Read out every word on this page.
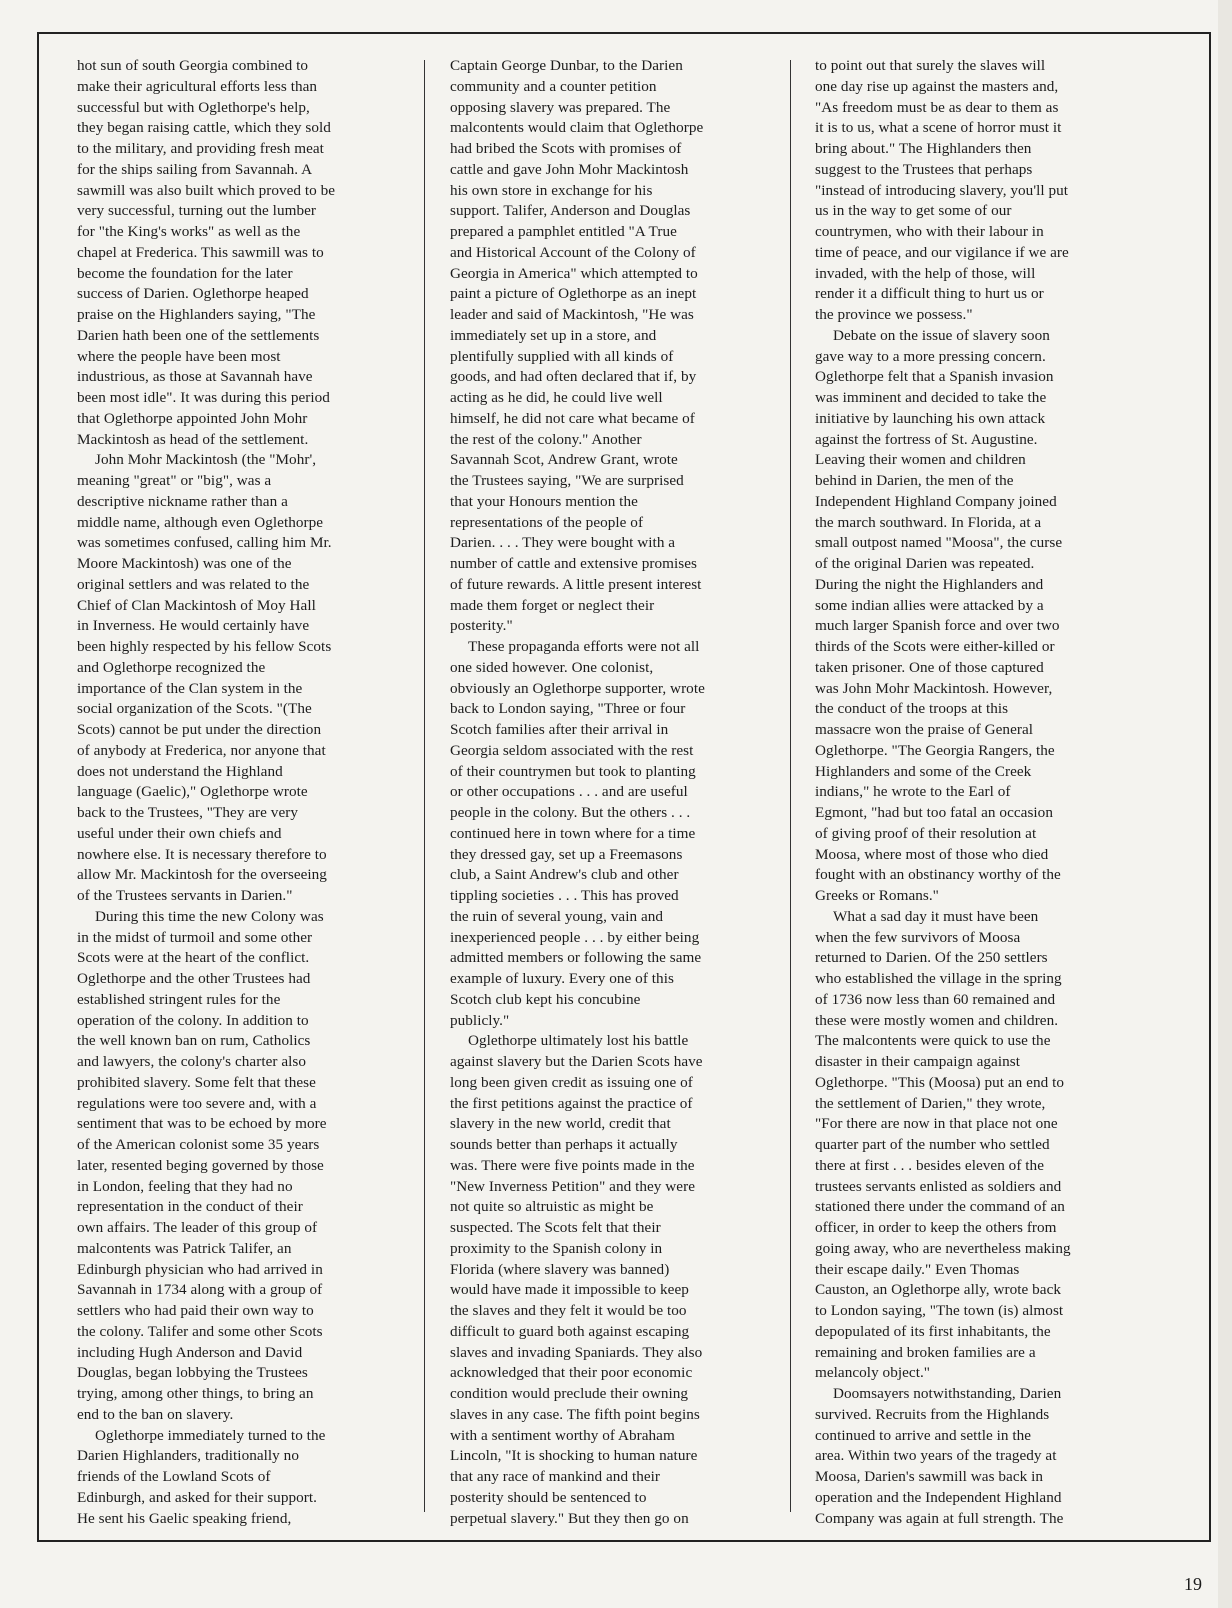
hot sun of south Georgia combined to
make their agricultural efforts less than
successful but with Oglethorpe's help,
they began raising cattle, which they sold
to the military, and providing fresh meat
for the ships sailing from Savannah. A
sawmill was also built which proved to be
very successful, turning out the lumber
for "the King's works" as well as the
chapel at Frederica. This sawmill was to
become the foundation for the later
success of Darien. Oglethorpe heaped
praise on the Highlanders saying, "The
Darien hath been one of the settlements
where the people have been most
industrious, as those at Savannah have
been most idle". It was during this period
that Oglethorpe appointed John Mohr
Mackintosh as head of the settlement.

John Mohr Mackintosh (the "Mohr',
meaning "great" or "big", was a
descriptive nickname rather than a
middle name, although even Oglethorpe
was sometimes confused, calling him Mr.
Moore Mackintosh) was one of the
original settlers and was related to the
Chief of Clan Mackintosh of Moy Hall
in Inverness. He would certainly have
been highly respected by his fellow Scots
and Oglethorpe recognized the
importance of the Clan system in the
social organization of the Scots. "(The
Scots) cannot be put under the direction
of anybody at Frederica, nor anyone that
does not understand the Highland
language (Gaelic)," Oglethorpe wrote
back to the Trustees, "They are very
useful under their own chiefs and
nowhere else. It is necessary therefore to
allow Mr. Mackintosh for the overseeing
of the Trustees servants in Darien."

During this time the new Colony was
in the midst of turmoil and some other
Scots were at the heart of the conflict.
Oglethorpe and the other Trustees had
established stringent rules for the
operation of the colony. In addition to
the well known ban on rum, Catholics
and lawyers, the colony's charter also
prohibited slavery. Some felt that these
regulations were too severe and, with a
sentiment that was to be echoed by more
of the American colonist some 35 years
later, resented beging governed by those
in London, feeling that they had no
representation in the conduct of their
own affairs. The leader of this group of
malcontents was Patrick Talifer, an
Edinburgh physician who had arrived in
Savannah in 1734 along with a group of
settlers who had paid their own way to
the colony. Talifer and some other Scots
including Hugh Anderson and David
Douglas, began lobbying the Trustees
trying, among other things, to bring an
end to the ban on slavery.

Oglethorpe immediately turned to the
Darien Highlanders, traditionally no
friends of the Lowland Scots of
Edinburgh, and asked for their support.
He sent his Gaelic speaking friend,

Captain George Dunbar, to the Darien
community and a counter petition
opposing slavery was prepared. The
malcontents would claim that Oglethorpe
had bribed the Scots with promises of
cattle and gave John Mohr Mackintosh
his own store in exchange for his
support. Talifer, Anderson and Douglas
prepared a pamphlet entitled "A True
and Historical Account of the Colony of
Georgia in America" which attempted to
paint a picture of Oglethorpe as an inept
leader and said of Mackintosh, "He was
immediately set up in a store, and
plentifully supplied with all kinds of
goods, and had often declared that if, by
acting as he did, he could live well
himself, he did not care what became of
the rest of the colony." Another
Savannah Scot, Andrew Grant, wrote
the Trustees saying, "We are surprised
that your Honours mention the
representations of the people of
Darien. . . . They were bought with a
number of cattle and extensive promises
of future rewards. A little present interest
made them forget or neglect their
posterity."

These propaganda efforts were not all
one sided however. One colonist,
obviously an Oglethorpe supporter, wrote
back to London saying, "Three or four
Scotch families after their arrival in
Georgia seldom associated with the rest
of their countrymen but took to planting
or other occupations . . . and are useful
people in the colony. But the others . . .
continued here in town where for a time
they dressed gay, set up a Freemasons
club, a Saint Andrew's club and other
tippling societies . . . This has proved
the ruin of several young, vain and
inexperienced people . . . by either being
admitted members or following the same
example of luxury. Every one of this
Scotch club kept his concubine
publicly."

Oglethorpe ultimately lost his battle
against slavery but the Darien Scots have
long been given credit as issuing one of
the first petitions against the practice of
slavery in the new world, credit that
sounds better than perhaps it actually
was. There were five points made in the
"New Inverness Petition" and they were
not quite so altruistic as might be
suspected. The Scots felt that their
proximity to the Spanish colony in
Florida (where slavery was banned)
would have made it impossible to keep
the slaves and they felt it would be too
difficult to guard both against escaping
slaves and invading Spaniards. They also
acknowledged that their poor economic
condition would preclude their owning
slaves in any case. The fifth point begins
with a sentiment worthy of Abraham
Lincoln, "It is shocking to human nature
that any race of mankind and their
posterity should be sentenced to
perpetual slavery." But they then go on

to point out that surely the slaves will
one day rise up against the masters and,
"As freedom must be as dear to them as
it is to us, what a scene of horror must it
bring about." The Highlanders then
suggest to the Trustees that perhaps
"instead of introducing slavery, you'll put
us in the way to get some of our
countrymen, who with their labour in
time of peace, and our vigilance if we are
invaded, with the help of those, will
render it a difficult thing to hurt us or
the province we possess."

Debate on the issue of slavery soon
gave way to a more pressing concern.
Oglethorpe felt that a Spanish invasion
was imminent and decided to take the
initiative by launching his own attack
against the fortress of St. Augustine.
Leaving their women and children
behind in Darien, the men of the
Independent Highland Company joined
the march southward. In Florida, at a
small outpost named "Moosa", the curse
of the original Darien was repeated.
During the night the Highlanders and
some indian allies were attacked by a
much larger Spanish force and over two
thirds of the Scots were either-killed or
taken prisoner. One of those captured
was John Mohr Mackintosh. However,
the conduct of the troops at this
massacre won the praise of General
Oglethorpe. "The Georgia Rangers, the
Highlanders and some of the Creek
indians," he wrote to the Earl of
Egmont, "had but too fatal an occasion
of giving proof of their resolution at
Moosa, where most of those who died
fought with an obstinancy worthy of the
Greeks or Romans."

What a sad day it must have been
when the few survivors of Moosa
returned to Darien. Of the 250 settlers
who established the village in the spring
of 1736 now less than 60 remained and
these were mostly women and children.
The malcontents were quick to use the
disaster in their campaign against
Oglethorpe. "This (Moosa) put an end to
the settlement of Darien," they wrote,
"For there are now in that place not one
quarter part of the number who settled
there at first . . . besides eleven of the
trustees servants enlisted as soldiers and
stationed there under the command of an
officer, in order to keep the others from
going away, who are nevertheless making
their escape daily." Even Thomas
Causton, an Oglethorpe ally, wrote back
to London saying, "The town (is) almost
depopulated of its first inhabitants, the
remaining and broken families are a
melancoly object."

Doomsayers notwithstanding, Darien
survived. Recruits from the Highlands
continued to arrive and settle in the
area. Within two years of the tragedy at
Moosa, Darien's sawmill was back in
operation and the Independent Highland
Company was again at full strength. The

19
